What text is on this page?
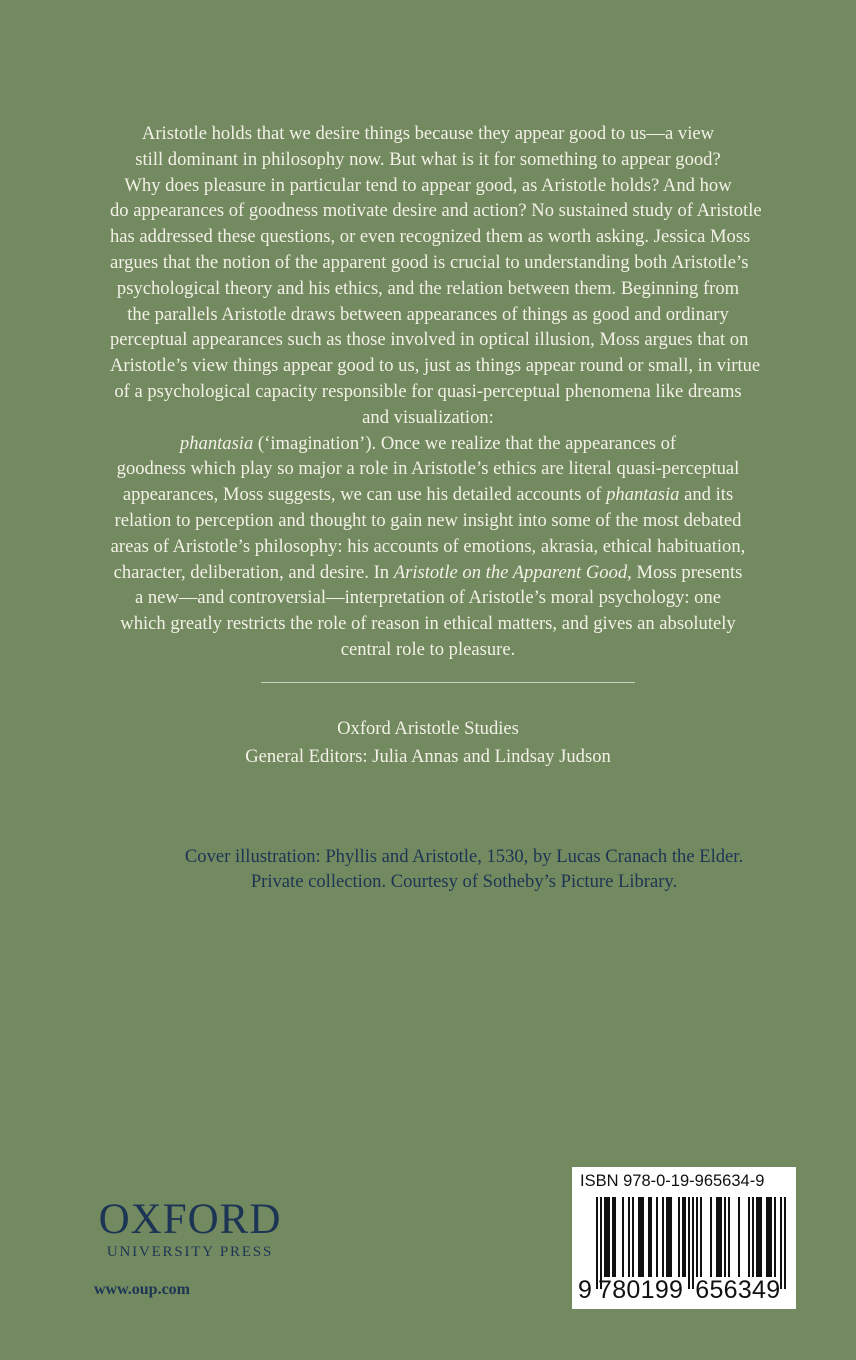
Aristotle holds that we desire things because they appear good to us—a view
still dominant in philosophy now. But what is it for something to appear good?
Why does pleasure in particular tend to appear good, as Aristotle holds? And how
do appearances of goodness motivate desire and action? No sustained study of Aristotle
has addressed these questions, or even recognized them as worth asking. Jessica Moss
argues that the notion of the apparent good is crucial to understanding both Aristotle’s
psychological theory and his ethics, and the relation between them. Beginning from
the parallels Aristotle draws between appearances of things as good and ordinary
perceptual appearances such as those involved in optical illusion, Moss argues that on
Aristotle’s view things appear good to us, just as things appear round or small, in virtue
of a psychological capacity responsible for quasi-perceptual phenomena like dreams
and visualization:
phantasia (‘imagination’). Once we realize that the appearances of
goodness which play so major a role in Aristotle’s ethics are literal quasi-perceptual
appearances, Moss suggests, we can use his detailed accounts of phantasia and its
relation to perception and thought to gain new insight into some of the most debated
areas of Aristotle’s philosophy: his accounts of emotions, akrasia, ethical habituation,
character, deliberation, and desire. In Aristotle on the Apparent Good, Moss presents
a new—and controversial—interpretation of Aristotle’s moral psychology: one
which greatly restricts the role of reason in ethical matters, and gives an absolutely
central role to pleasure.

Oxford Aristotle Studies
General Editors: Julia Annas and Lindsay Judson
Cover illustration: Phyllis and Aristotle, 1530, by Lucas Cranach the Elder.
Private collection. Courtesy of Sotheby’s Picture Library.
OXFORD
UNIVERSITY PRESS
www.oup.com
ISBN 978-0-19-965634-9
9 780199 656349
